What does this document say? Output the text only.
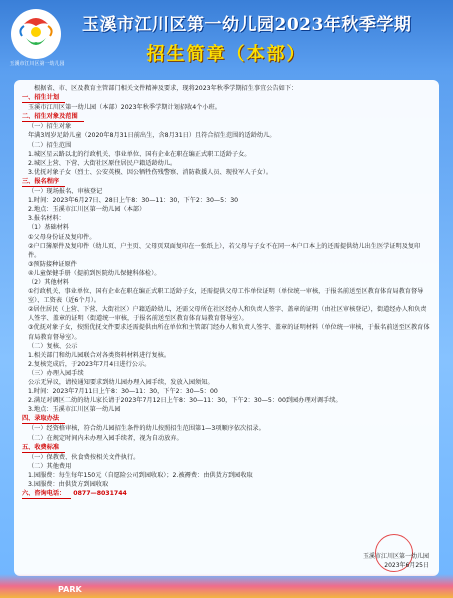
玉溪市江川区第一幼儿园
玉溪市江川区第一幼儿园2023年秋季学期
招生简章（本部）

根据省、市、区及教育主管部门相关文件精神及要求，现将2023年秋季学期招生事宜公告如下：

一、招生计划

玉溪市江川区第一幼儿园（本部）2023年秋季学期计划招收4个小班。

二、招生对象及范围

（一）招生对象

年满3周岁足龄儿童（2020年8月31日前出生，含8月31日）且符合招生范围的适龄幼儿。

（二）招生范围

1.城区星云路以北的行政机关、事业单位、国有企业在职在编正式职工适龄子女。

2.城区上营、下营、大街社区原住居民户籍适龄幼儿。

3.优抚对象子女（烈士、公安英模、因公牺牲伤残警察、消防救援人员、现役军人子女）。

三、报名程序

（一）现场报名、审核登记

1.时间：2023年6月27日、28日上午8：30—11：30，下午2：30—5：30

2.地点：玉溪市江川区第一幼儿园（本部）

3.报名材料：

（1）基础材料

①父母身份证及复印件。

②户口簿原件及复印件（幼儿页、户主页、父母页双面复印在一张纸上），若父母与子女不在同一本户口本上的还需提供幼儿出生医学证明及复印件。

③预防接种证原件

④儿童保健手册（提前到医院幼儿保健科体检）。

（2）其他材料

①行政机关、事业单位、国有企业在职在编正式职工适龄子女，还需提供父母工作单位证明（单位统一审核，于报名前送至区教育体育局教育督导室）、工资表（近6个月）。

②居住居民（上营、下营、大街社区）户籍适龄幼儿，还需父母所在社区经办人和负责人签字、盖章的证明（由社区审核登记），街道经办人和负责人签字、盖章的证明（街道统一审核，于报名前送至区教育体育局教育督导室）。

③优抚对象子女，按照优抚文件要求还需提供由所在单位和主管部门经办人和负责人签字、盖章的证明材料（单位统一审核，于报名前送至区教育体育局教育督导室）。

（二）复核、公示

1.相关部门和幼儿园联合对各类资料材料进行复核。

2.复核完成后，于2023年7月4日进行公示。

（三）办理入园手续

公示无异议，请按通知要求到幼儿园办理入园手续，发放入园须知。

1.时间：2023年7月11日上午8：30—11：30，下午2：30—5：00

2.满足对调区二幼的幼儿家长请于2023年7月12日上午8：30—11：30，下午2：30—5：00到园办理对调手续。

3.地点：玉溪市江川区第一幼儿园

四、录取办法

（一）经资格审核，符合幼儿园招生条件的幼儿按照招生范围第1—3项顺序依次招录。

（二）在规定时间内未办理入园手续者，视为自动放弃。

五、收费标准

（一）保教费、伙食费按相关文件执行。

（二）其他费用

1.园服费：每生每年150元（自愿险公司到园收取）；2.被褥费：由供货方到园收取

3.园服费：由供货方到园收取

六、咨询电话： 0877—8031744

玉溪市江川区第一幼儿园
2023年6月25日
PARK
